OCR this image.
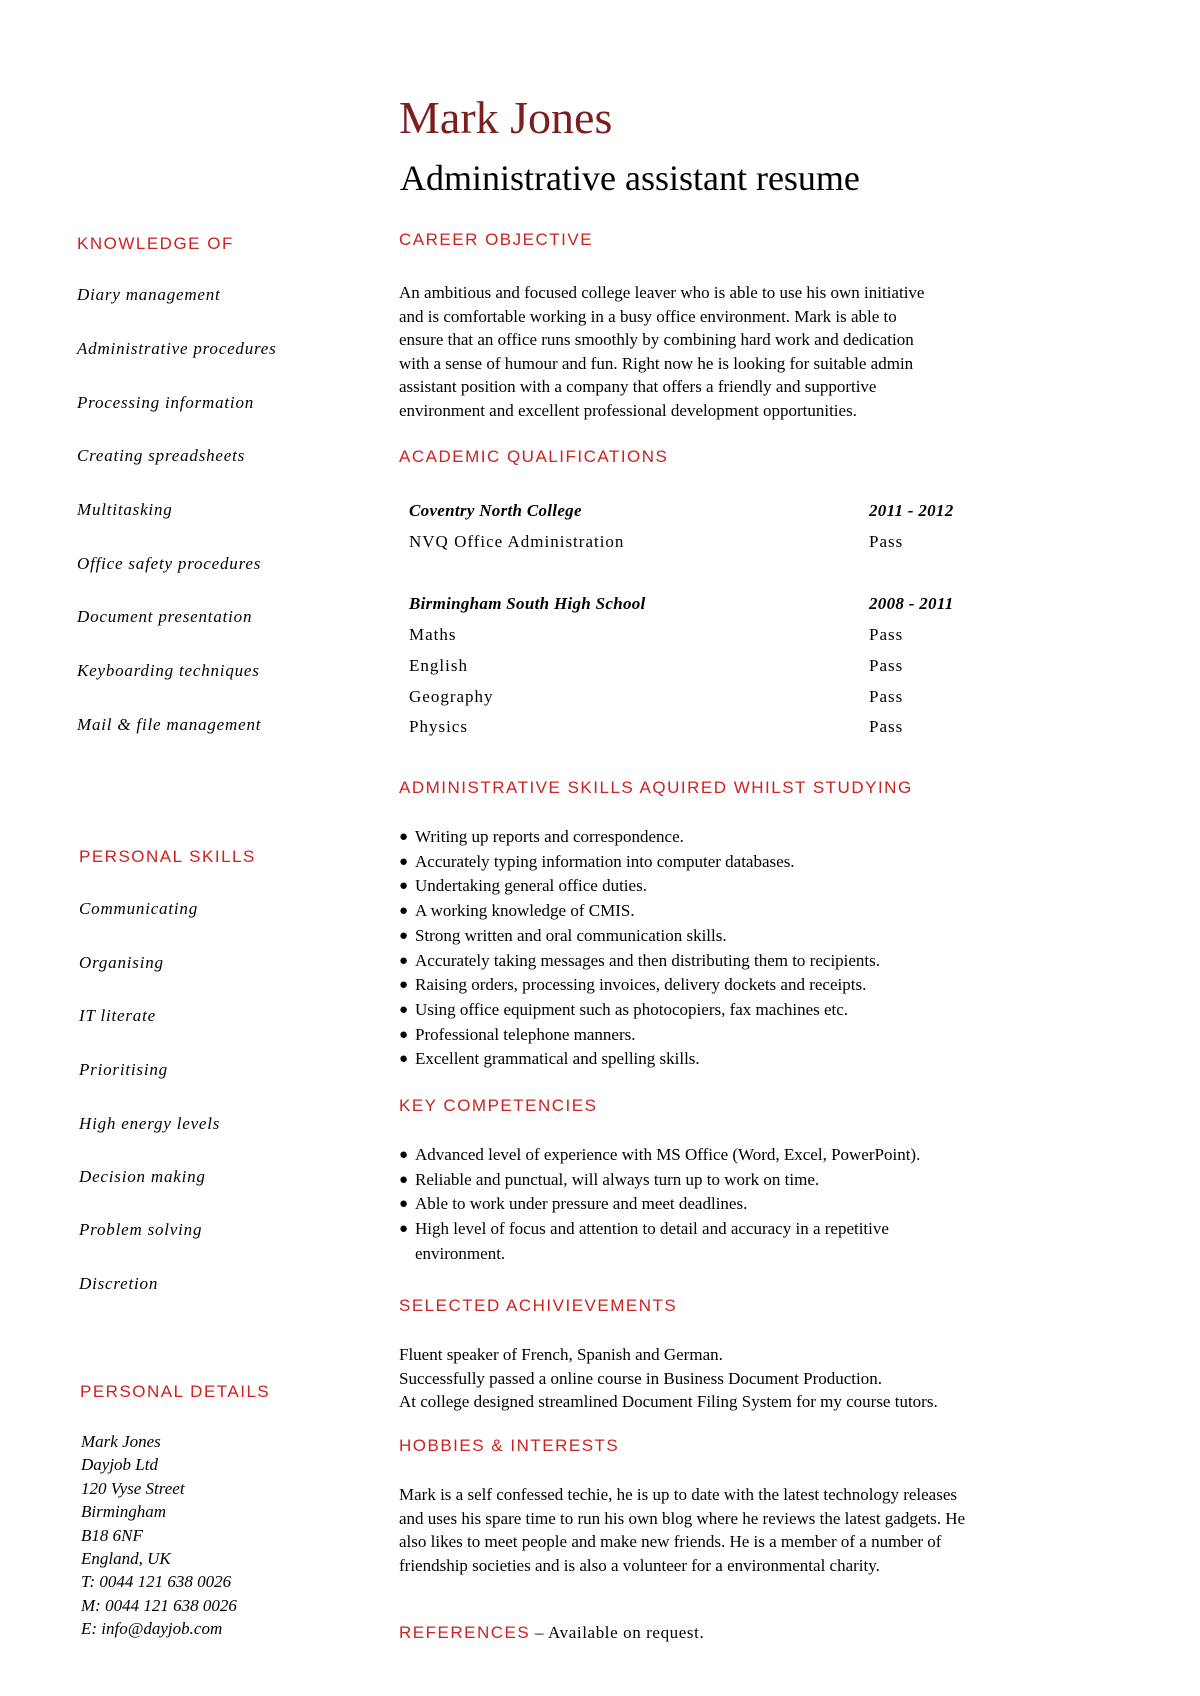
Mark Jones
Administrative assistant resume
KNOWLEDGE OF
Diary management
Administrative procedures
Processing information
Creating spreadsheets
Multitasking
Office safety procedures
Document presentation
Keyboarding techniques
Mail & file management
PERSONAL SKILLS
Communicating
Organising
IT literate
Prioritising
High energy levels
Decision making
Problem solving
Discretion
PERSONAL DETAILS
Mark Jones
Dayjob Ltd
120 Vyse Street
Birmingham
B18 6NF
England, UK
T: 0044 121 638 0026
M: 0044 121 638 0026
E: info@dayjob.com
CAREER OBJECTIVE
An ambitious and focused college leaver who is able to use his own initiative
and is comfortable working in a busy office environment. Mark is able to
ensure that an office runs smoothly by combining hard work and dedication
with a sense of humour and fun. Right now he is looking for suitable admin
assistant position with a company that offers a friendly and supportive
environment and excellent professional development opportunities.
ACADEMIC QUALIFICATIONS
Coventry North College	2011 - 2012
NVQ Office Administration	Pass
Birmingham South High School	2008 - 2011
Maths	Pass
English	Pass
Geography	Pass
Physics	Pass
ADMINISTRATIVE SKILLS AQUIRED WHILST STUDYING
● Writing up reports and correspondence.
● Accurately typing information into computer databases.
● Undertaking general office duties.
● A working knowledge of CMIS.
● Strong written and oral communication skills.
● Accurately taking messages and then distributing them to recipients.
● Raising orders, processing invoices, delivery dockets and receipts.
● Using office equipment such as photocopiers, fax machines etc.
● Professional telephone manners.
● Excellent grammatical and spelling skills.
KEY COMPETENCIES
● Advanced level of experience with MS Office (Word, Excel, PowerPoint).
● Reliable and punctual, will always turn up to work on time.
● Able to work under pressure and meet deadlines.
● High level of focus and attention to detail and accuracy in a repetitive
environment.
SELECTED ACHIVIEVEMENTS
Fluent speaker of French, Spanish and German.
Successfully passed a online course in Business Document Production.
At college designed streamlined Document Filing System for my course tutors.
HOBBIES & INTERESTS
Mark is a self confessed techie, he is up to date with the latest technology releases
and uses his spare time to run his own blog where he reviews the latest gadgets. He
also likes to meet people and make new friends. He is a member of a number of
friendship societies and is also a volunteer for a environmental charity.
REFERENCES – Available on request.
